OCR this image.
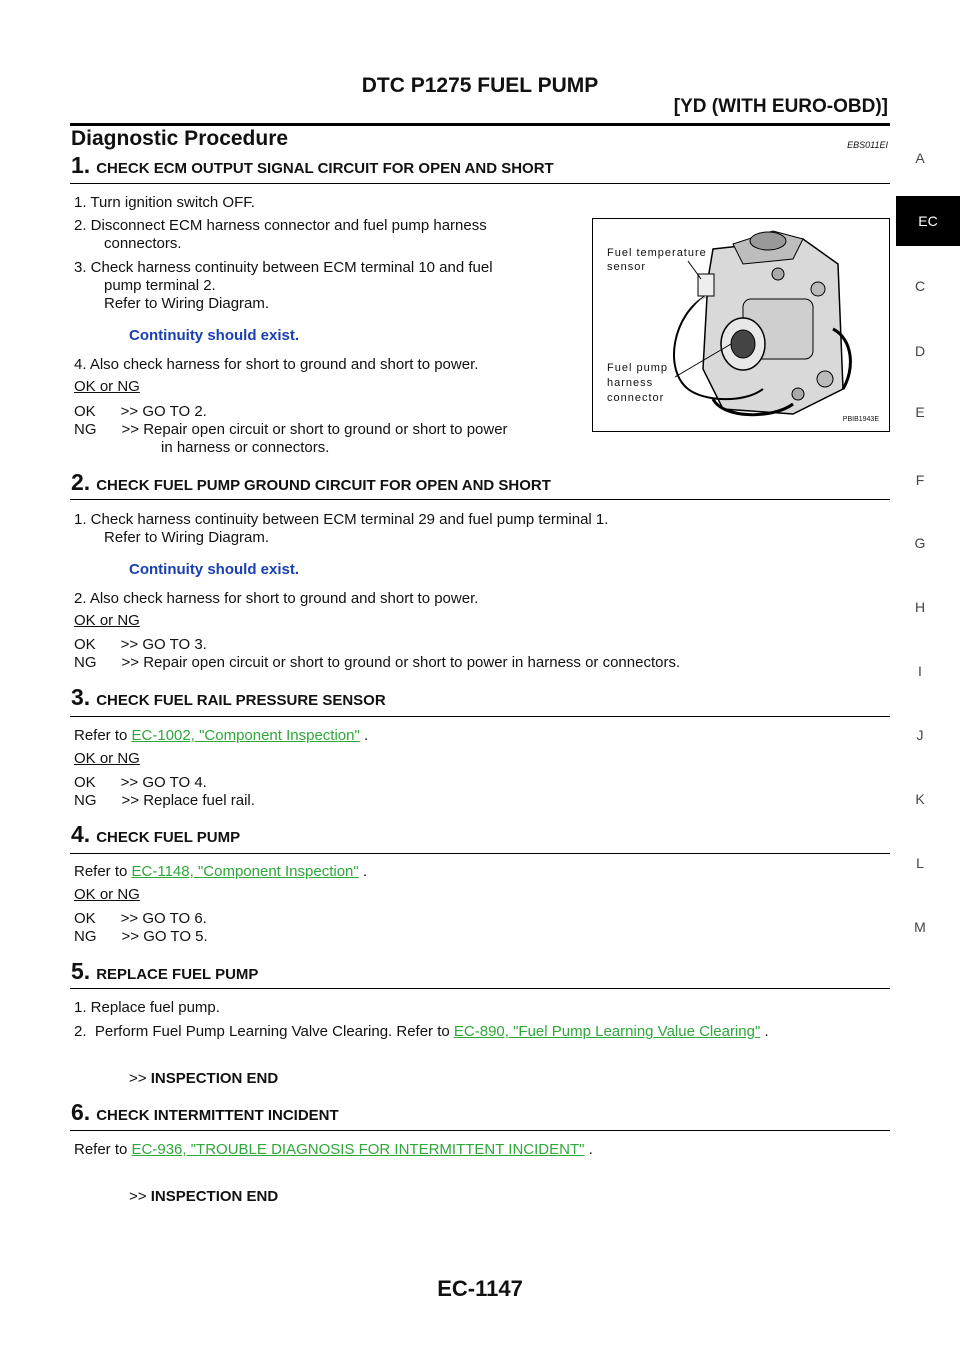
DTC P1275 FUEL PUMP
[YD (WITH EURO-OBD)]
Diagnostic Procedure	EBS011EI
A
EC
C
D
E
F
G
H
I
J
K
L
M
1. CHECK ECM OUTPUT SIGNAL CIRCUIT FOR OPEN AND SHORT
1. Turn ignition switch OFF.
2. Disconnect ECM harness connector and fuel pump harness
connectors.
3. Check harness continuity between ECM terminal 10 and fuel
pump terminal 2.
Refer to Wiring Diagram.
Continuity should exist.
4. Also check harness for short to ground and short to power.
OK or NG
OK      >> GO TO 2.
NG      >> Repair open circuit or short to ground or short to power
in harness or connectors.
Fuel temperature
sensor
Fuel pump
harness
connector
PBIB1943E
2. CHECK FUEL PUMP GROUND CIRCUIT FOR OPEN AND SHORT
1. Check harness continuity between ECM terminal 29 and fuel pump terminal 1.
Refer to Wiring Diagram.
Continuity should exist.
2. Also check harness for short to ground and short to power.
OK or NG
OK      >> GO TO 3.
NG      >> Repair open circuit or short to ground or short to power in harness or connectors.
3. CHECK FUEL RAIL PRESSURE SENSOR
Refer to EC-1002, "Component Inspection" .
OK or NG
OK      >> GO TO 4.
NG      >> Replace fuel rail.
4. CHECK FUEL PUMP
Refer to EC-1148, "Component Inspection" .
OK or NG
OK      >> GO TO 6.
NG      >> GO TO 5.
5. REPLACE FUEL PUMP
1. Replace fuel pump.
2.  Perform Fuel Pump Learning Valve Clearing. Refer to EC-890, "Fuel Pump Learning Value Clearing" .
>> INSPECTION END
6. CHECK INTERMITTENT INCIDENT
Refer to EC-936, "TROUBLE DIAGNOSIS FOR INTERMITTENT INCIDENT" .
>> INSPECTION END
EC-1147
